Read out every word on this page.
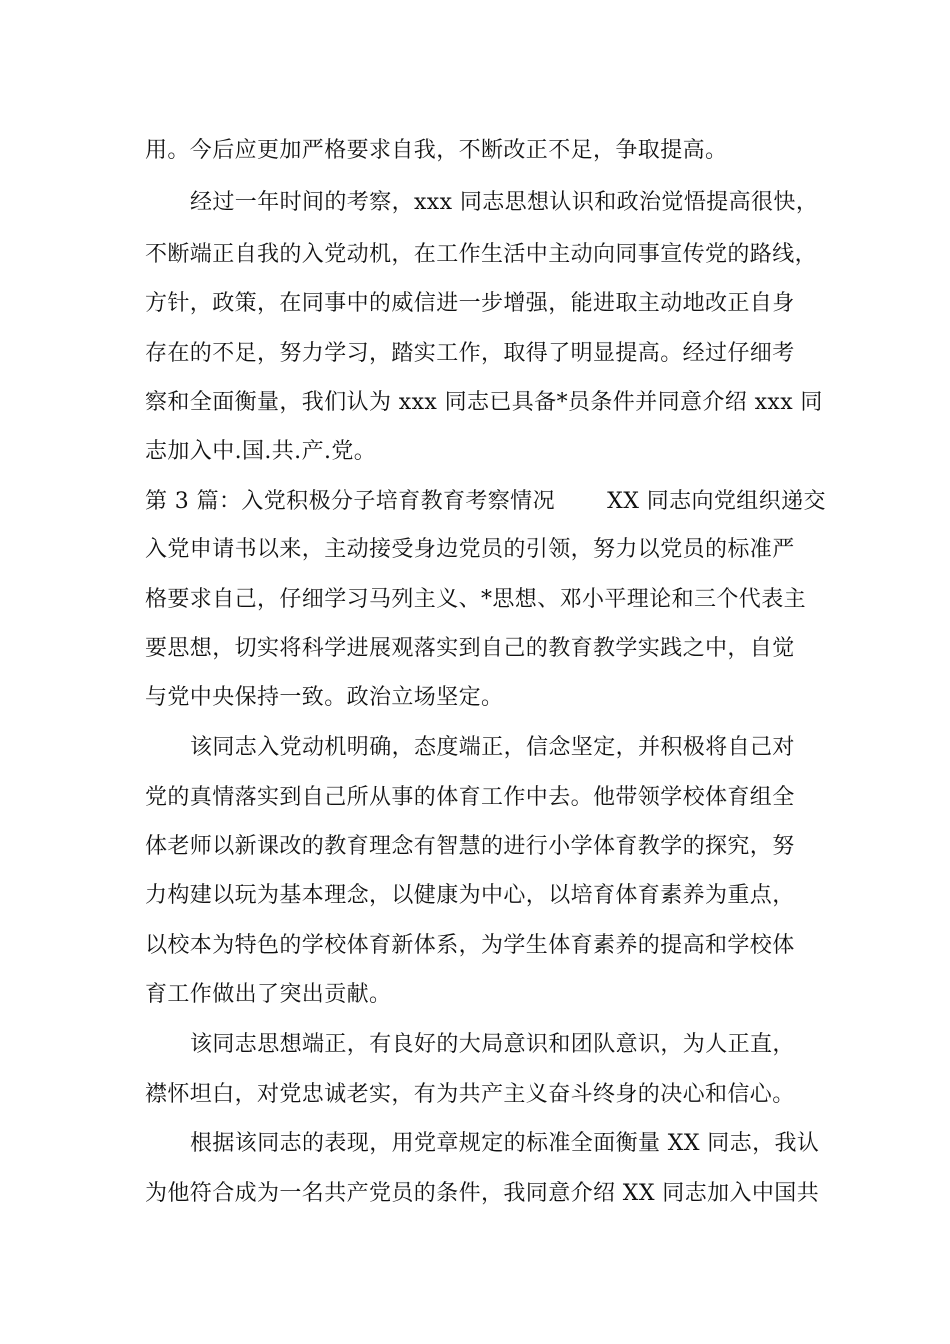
用。今后应更加严格要求自我，不断改正不足，争取提高。
经过一年时间的考察，xxx 同志思想认识和政治觉悟提高很快，
不断端正自我的入党动机，在工作生活中主动向同事宣传党的路线，
方针，政策，在同事中的威信进一步增强，能进取主动地改正自身
存在的不足，努力学习，踏实工作，取得了明显提高。经过仔细考
察和全面衡量，我们认为 xxx 同志已具备*员条件并同意介绍 xxx 同
志加入中.国.共.产.党。
第 3 篇：入党积极分子培育教育考察情况　　 XX 同志向党组织递交
入党申请书以来，主动接受身边党员的引领，努力以党员的标准严
格要求自己，仔细学习马列主义、*思想、邓小平理论和三个代表主
要思想，切实将科学进展观落实到自己的教育教学实践之中，自觉
与党中央保持一致。政治立场坚定。
该同志入党动机明确，态度端正，信念坚定，并积极将自己对
党的真情落实到自己所从事的体育工作中去。他带领学校体育组全
体老师以新课改的教育理念有智慧的进行小学体育教学的探究，努
力构建以玩为基本理念，以健康为中心，以培育体育素养为重点，
以校本为特色的学校体育新体系，为学生体育素养的提高和学校体
育工作做出了突出贡献。
该同志思想端正，有良好的大局意识和团队意识，为人正直，
襟怀坦白，对党忠诚老实，有为共产主义奋斗终身的决心和信心。
根据该同志的表现，用党章规定的标准全面衡量 XX 同志，我认
为他符合成为一名共产党员的条件，我同意介绍 XX 同志加入中国共
